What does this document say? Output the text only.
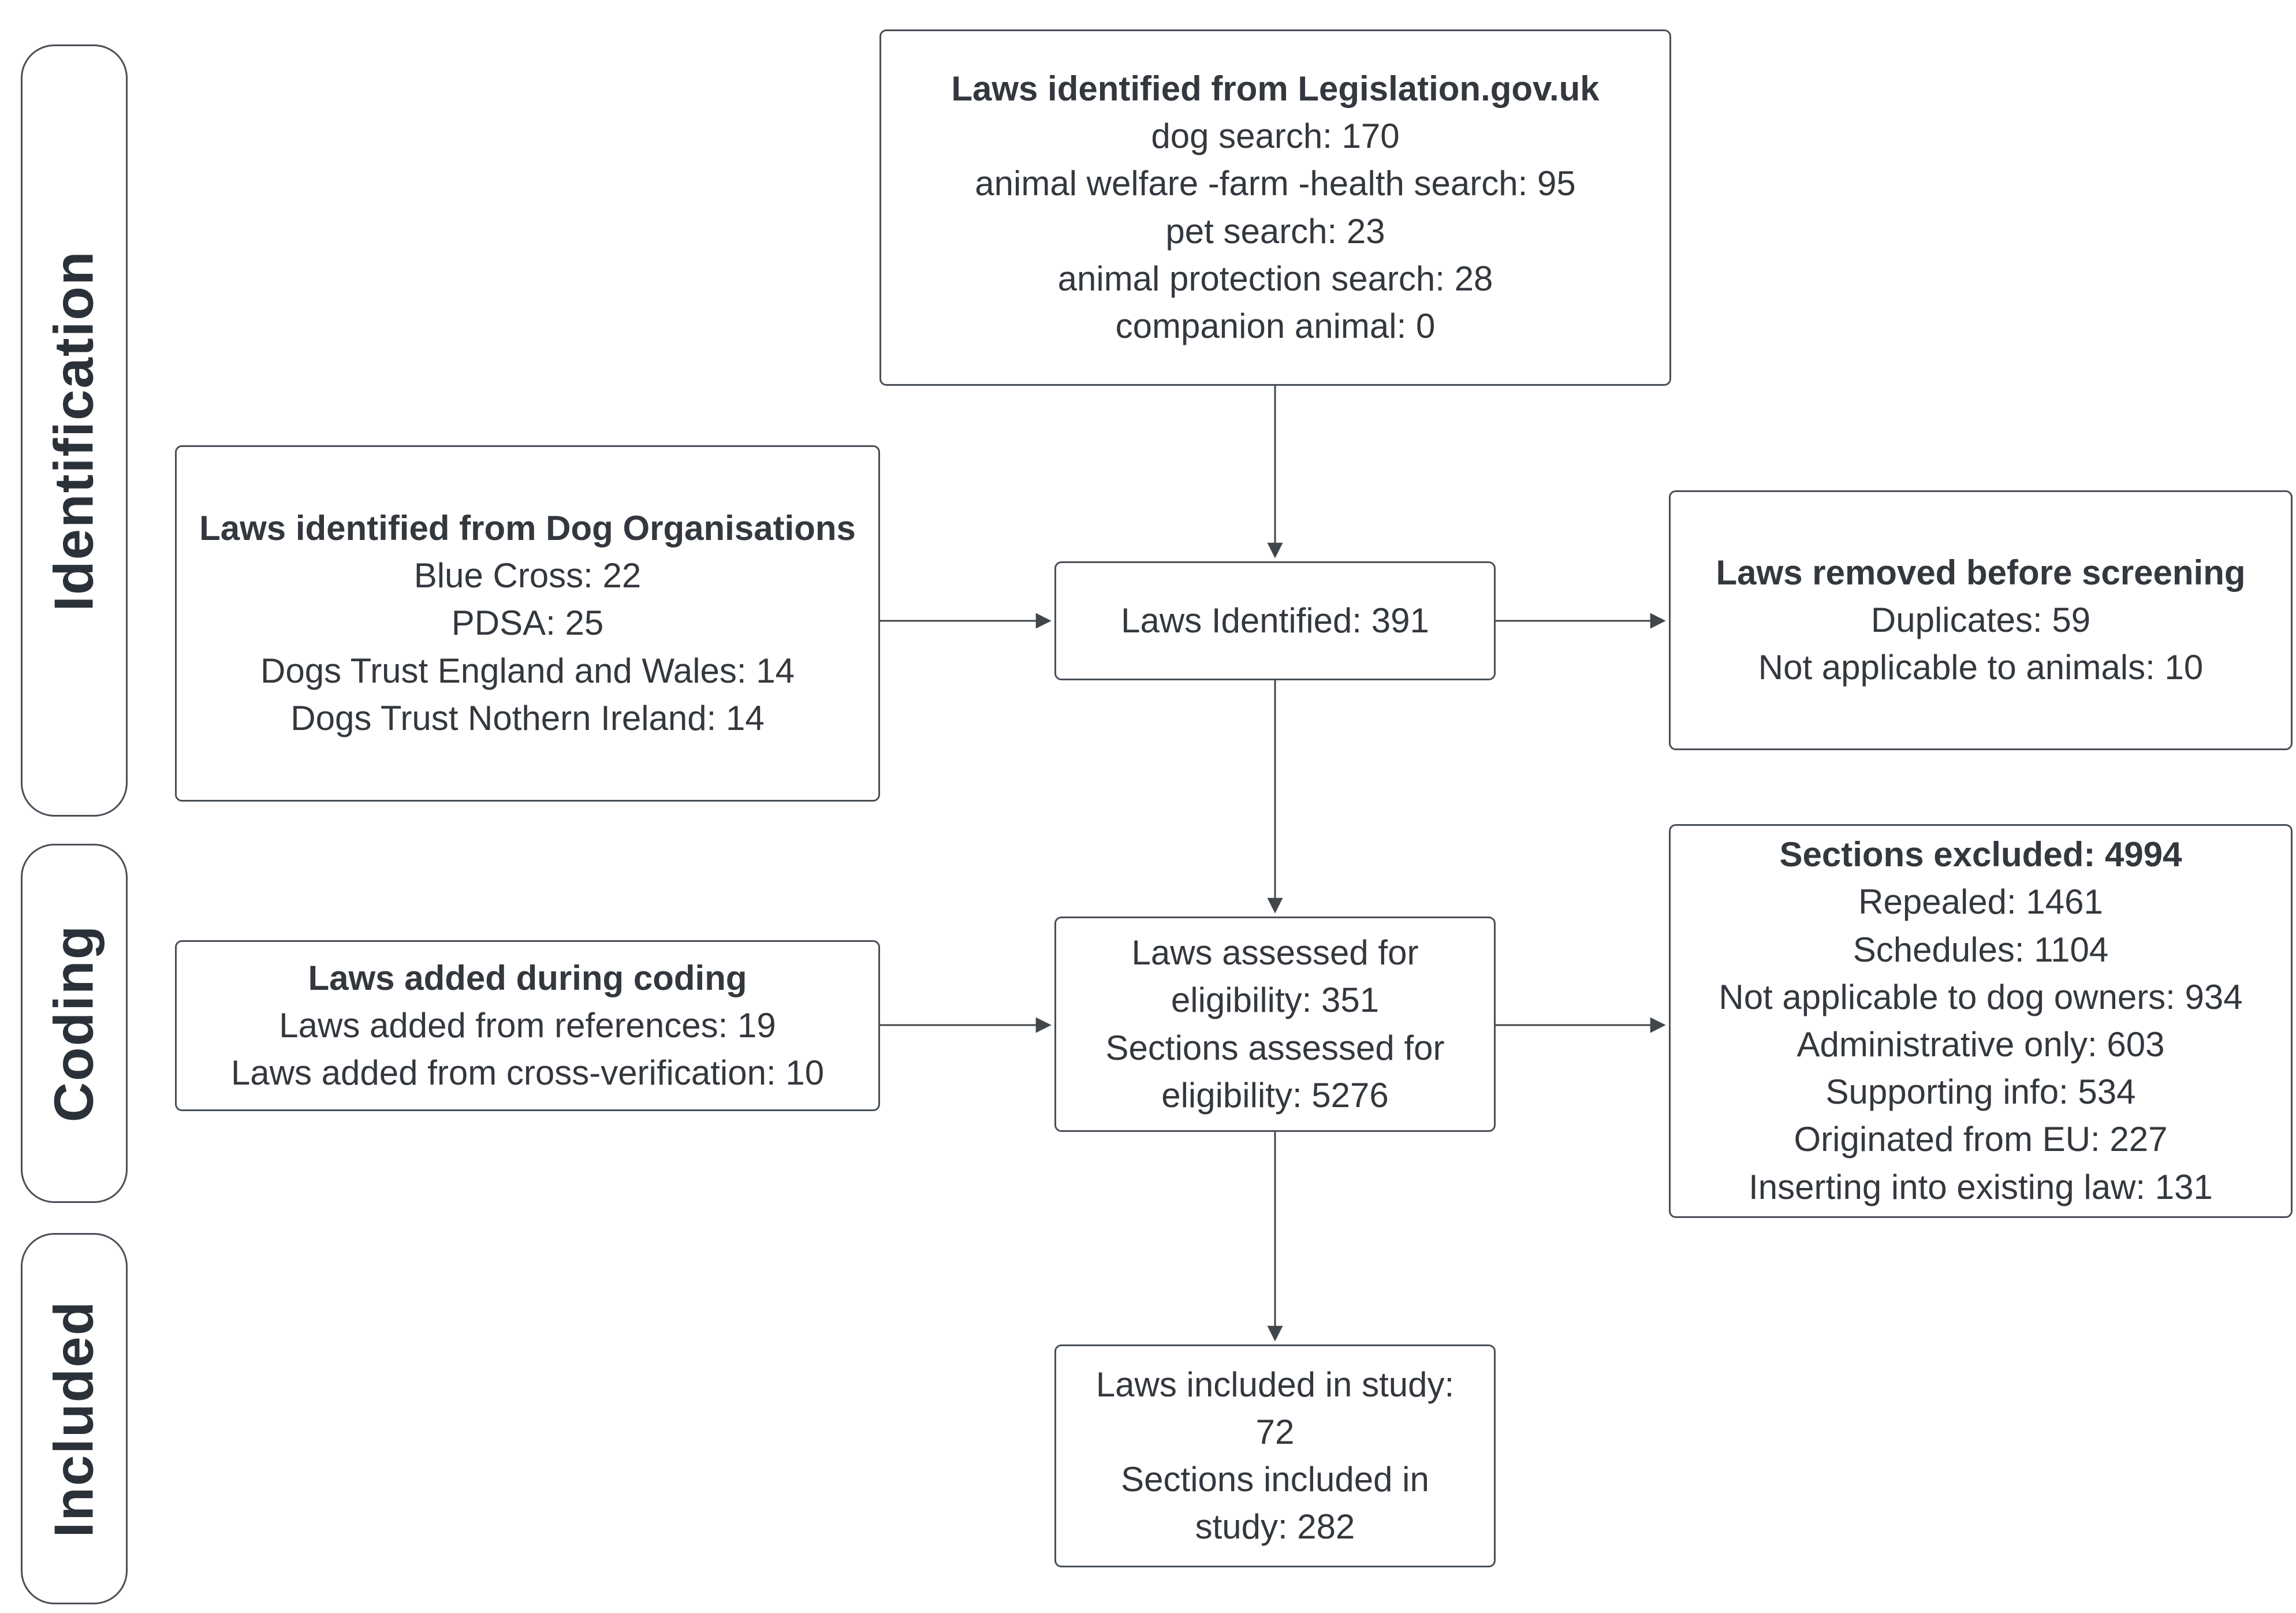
Identification
Coding
Included
Laws identified from Legislation.gov.uk
dog search: 170
animal welfare -farm -health search: 95
pet search: 23
animal protection search: 28
companion animal: 0
Laws identified from Dog Organisations
Blue Cross: 22
PDSA: 25
Dogs Trust England and Wales: 14
Dogs Trust Nothern Ireland: 14
Laws Identified: 391
Laws removed before screening
Duplicates: 59
Not applicable to animals: 10
Laws added during coding
Laws added from references: 19
Laws added from cross-verification: 10
Laws assessed for eligibility: 351
Sections assessed for eligibility: 5276
Sections excluded: 4994
Repealed: 1461
Schedules: 1104
Not applicable to dog owners: 934
Administrative only: 603
Supporting info: 534
Originated from EU: 227
Inserting into existing law: 131
Laws included in study: 72
Sections included in study: 282
